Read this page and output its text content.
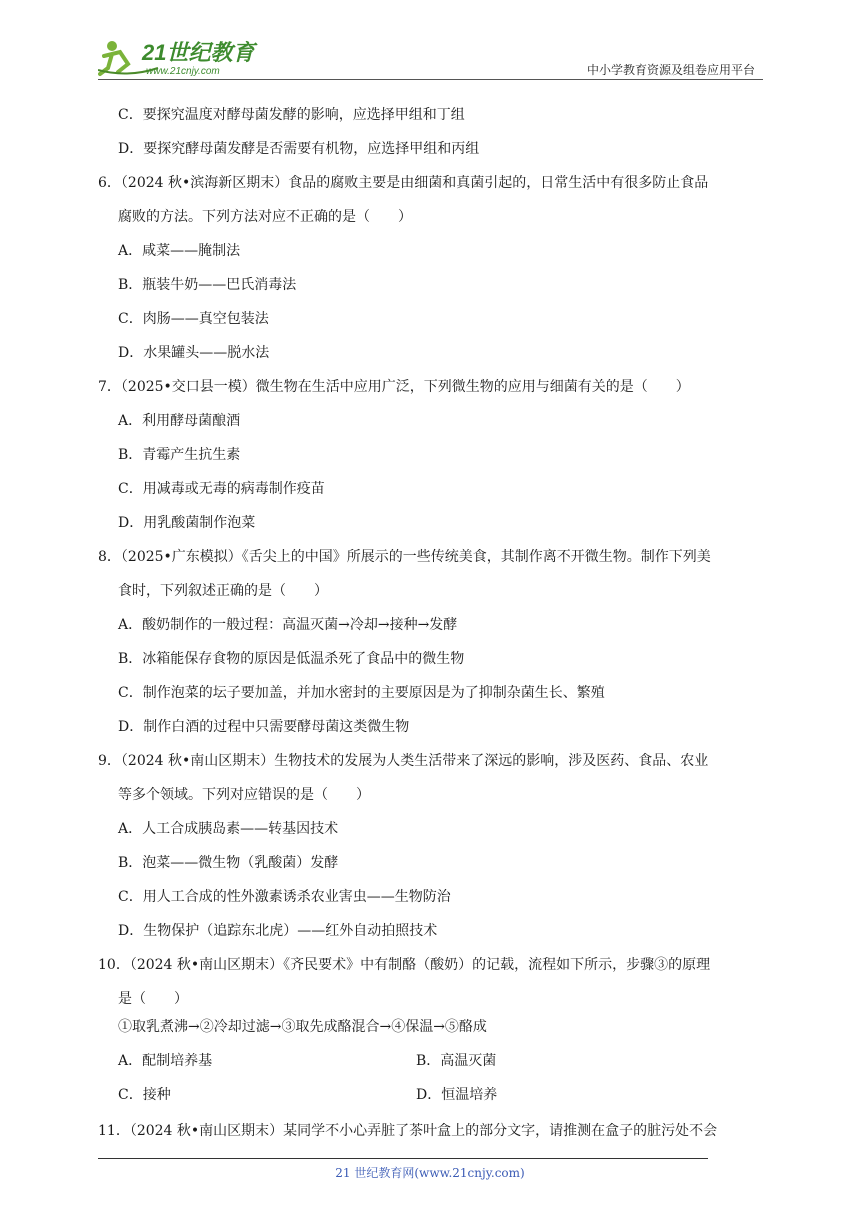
21世纪教育
www.21cnjy.com	中小学教育资源及组卷应用平台
C．要探究温度对酵母菌发酵的影响，应选择甲组和丁组
D．要探究酵母菌发酵是否需要有机物，应选择甲组和丙组
6．（2024 秋•滨海新区期末）食品的腐败主要是由细菌和真菌引起的，日常生活中有很多防止食品
腐败的方法。下列方法对应不正确的是（　　）
A．咸菜——腌制法
B．瓶装牛奶——巴氏消毒法
C．肉肠——真空包装法
D．水果罐头——脱水法
7．（2025•交口县一模）微生物在生活中应用广泛，下列微生物的应用与细菌有关的是（　　）
A．利用酵母菌酿酒
B．青霉产生抗生素
C．用减毒或无毒的病毒制作疫苗
D．用乳酸菌制作泡菜
8．（2025•广东模拟）《舌尖上的中国》所展示的一些传统美食，其制作离不开微生物。制作下列美
食时，下列叙述正确的是（　　）
A．酸奶制作的一般过程：高温灭菌→冷却→接种→发酵
B．冰箱能保存食物的原因是低温杀死了食品中的微生物
C．制作泡菜的坛子要加盖，并加水密封的主要原因是为了抑制杂菌生长、繁殖
D．制作白酒的过程中只需要酵母菌这类微生物
9．（2024 秋•南山区期末）生物技术的发展为人类生活带来了深远的影响，涉及医药、食品、农业
等多个领域。下列对应错误的是（　　）
A．人工合成胰岛素——转基因技术
B．泡菜——微生物（乳酸菌）发酵
C．用人工合成的性外激素诱杀农业害虫——生物防治
D．生物保护（追踪东北虎）——红外自动拍照技术
10．（2024 秋•南山区期末）《齐民要术》中有制酪（酸奶）的记载，流程如下所示，步骤③的原理
是（　　）
①取乳煮沸→②冷却过滤→③取先成酪混合→④保温→⑤酪成
A．配制培养基
C．接种
11．（2024 秋•南山区期末）某同学不小心弄脏了茶叶盒上的部分文字，请推测在盒子的脏污处不会
B．高温灭菌
D．恒温培养
21 世纪教育网(www.21cnjy.com)
